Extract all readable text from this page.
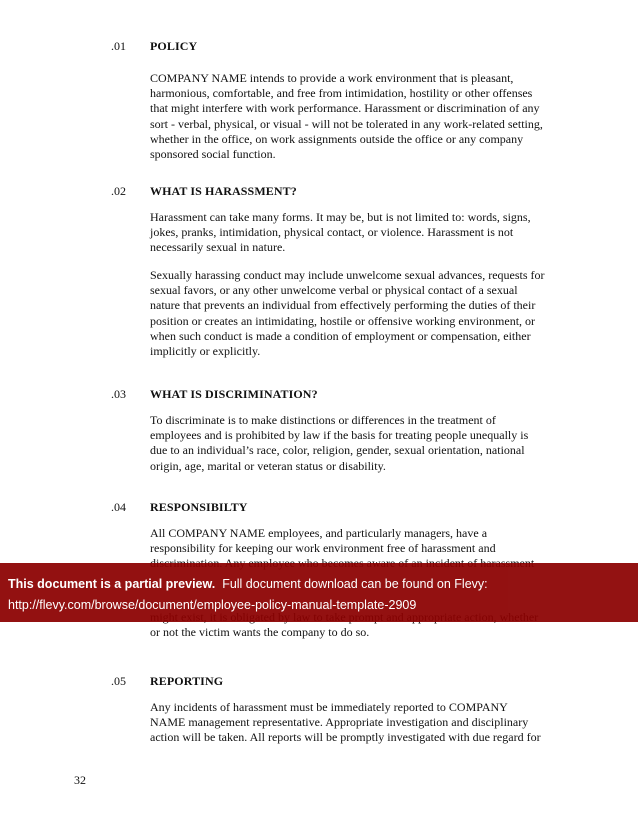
.01 POLICY

COMPANY NAME intends to provide a work environment that is pleasant,
harmonious, comfortable, and free from intimidation, hostility or other offenses
that might interfere with work performance. Harassment or discrimination of any
sort - verbal, physical, or visual - will not be tolerated in any work-related setting,
whether in the office, on work assignments outside the office or any company
sponsored social function.

.02 WHAT IS HARASSMENT?

Harassment can take many forms. It may be, but is not limited to: words, signs,
jokes, pranks, intimidation, physical contact, or violence. Harassment is not
necessarily sexual in nature.

Sexually harassing conduct may include unwelcome sexual advances, requests for
sexual favors, or any other unwelcome verbal or physical contact of a sexual
nature that prevents an individual from effectively performing the duties of their
position or creates an intimidating, hostile or offensive working environment, or
when such conduct is made a condition of employment or compensation, either
implicitly or explicitly.

.03 WHAT IS DISCRIMINATION?

To discriminate is to make distinctions or differences in the treatment of
employees and is prohibited by law if the basis for treating people unequally is
due to an individual’s race, color, religion, gender, sexual orientation, national
origin, age, marital or veteran status or disability.

.04 RESPONSIBILTY

All COMPANY NAME employees, and particularly managers, have a
responsibility for keeping our work environment free of harassment and

or not the victim wants the company to do so.

.05 REPORTING

Any incidents of harassment must be immediately reported to COMPANY
NAME management representative. Appropriate investigation and disciplinary
action will be taken. All reports will be promptly investigated with due regard for

32
This document is a partial preview. Full document download can be found on Flevy:
http://flevy.com/browse/document/employee-policy-manual-template-2909
